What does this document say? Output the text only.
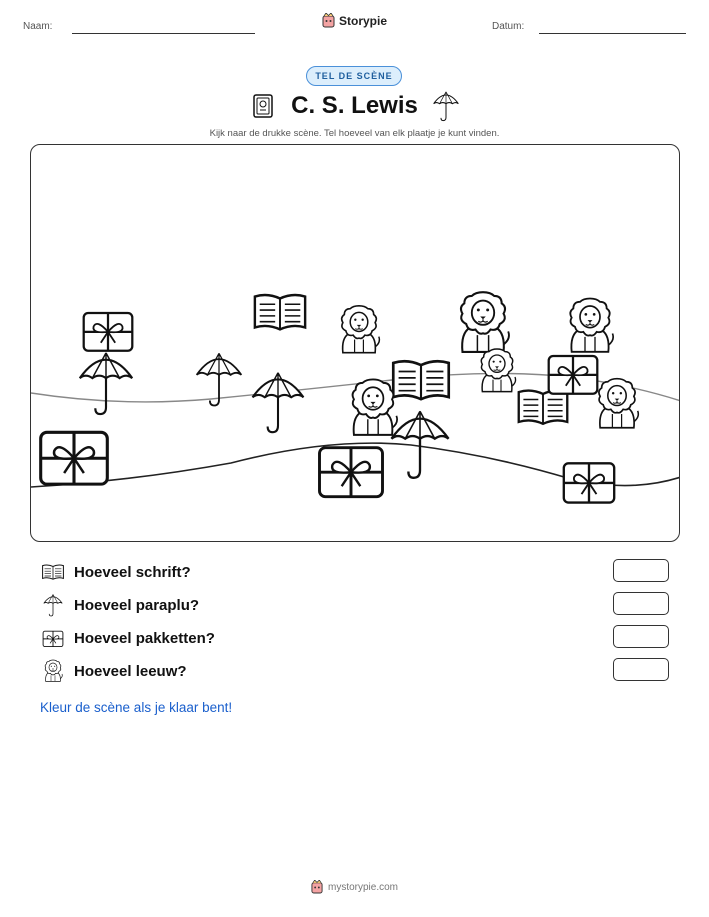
Naam:	Storypie	Datum:
TEL DE SCÈNE
C. S. Lewis
Kijk naar de drukke scène. Tel hoeveel van elk plaatje je kunt vinden.
Hoeveel schrift?
Hoeveel paraplu?
Hoeveel pakketten?
Hoeveel leeuw?
Kleur de scène als je klaar bent!
mystorypie.com
